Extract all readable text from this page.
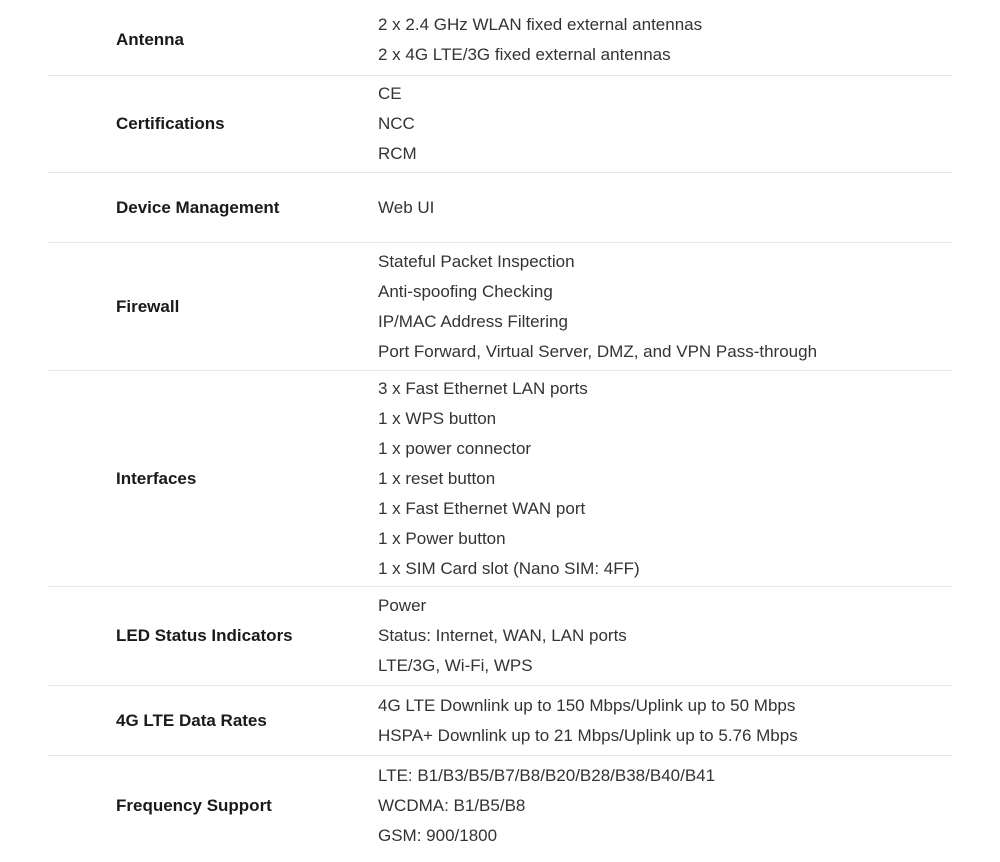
Antenna
2 x 2.4 GHz WLAN fixed external antennas
2 x 4G LTE/3G fixed external antennas
Certifications
CE
NCC
RCM
Device Management	Web UI
Firewall
Stateful Packet Inspection
Anti-spoofing Checking
IP/MAC Address Filtering
Port Forward, Virtual Server, DMZ, and VPN Pass-through
Interfaces
3 x Fast Ethernet LAN ports
1 x WPS button
1 x power connector
1 x reset button
1 x Fast Ethernet WAN port
1 x Power button
1 x SIM Card slot (Nano SIM: 4FF)
LED Status Indicators
Power
Status: Internet, WAN, LAN ports
LTE/3G, Wi-Fi, WPS
4G LTE Data Rates
4G LTE Downlink up to 150 Mbps/Uplink up to 50 Mbps
HSPA+ Downlink up to 21 Mbps/Uplink up to 5.76 Mbps
Frequency Support
LTE: B1/B3/B5/B7/B8/B20/B28/B38/B40/B41
WCDMA: B1/B5/B8
GSM: 900/1800
